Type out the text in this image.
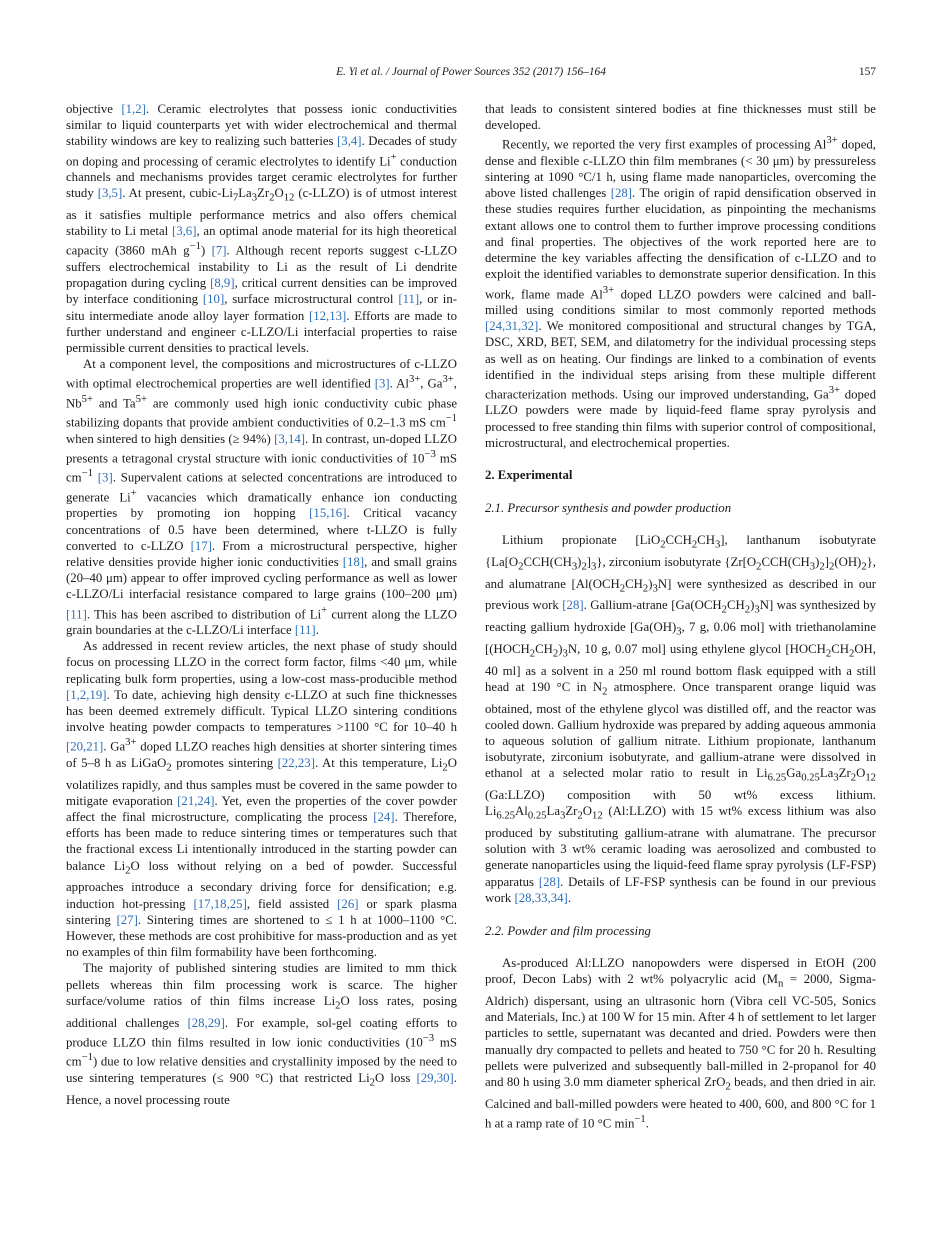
E. Yi et al. / Journal of Power Sources 352 (2017) 156–164	157

objective [1,2]. Ceramic electrolytes that possess ionic conductivities similar to liquid counterparts yet with wider electrochemical and thermal stability windows are key to realizing such batteries [3,4]. Decades of study on doping and processing of ceramic electrolytes to identify Li+ conduction channels and mechanisms provides target ceramic electrolytes for further study [3,5]. At present, cubic-$Li_7La_3Zr_2O_{12}$ (c-LLZO) is of utmost interest as it satisfies multiple performance metrics and also offers chemical stability to Li metal [3,6], an optimal anode material for its high theoretical capacity (3860 mAh $g^{-1}$) [7]. Although recent reports suggest c-LLZO suffers electrochemical instability to Li as the result of Li dendrite propagation during cycling [8,9], critical current densities can be improved by interface conditioning [10], surface microstructural control [11], or in-situ intermediate anode alloy layer formation [12,13]. Efforts are made to further understand and engineer c-LLZO/Li interfacial properties to raise permissible current densities to practical levels.

At a component level, the compositions and microstructures of c-LLZO with optimal electrochemical properties are well identified [3]. $Al^{3+}$, $Ga^{3+}$, $Nb^{5+}$ and $Ta^{5+}$ are commonly used high ionic conductivity cubic phase stabilizing dopants that provide ambient conductivities of 0.2–1.3 mS $cm^{-1}$ when sintered to high densities (≥ 94%) [3,14]. In contrast, un-doped LLZO presents a tetragonal crystal structure with ionic conductivities of $10^{-3}$ mS $cm^{-1}$ [3]. Supervalent cations at selected concentrations are introduced to generate Li+ vacancies which dramatically enhance ion conducting properties by promoting ion hopping [15,16]. Critical vacancy concentrations of 0.5 have been determined, where t-LLZO is fully converted to c-LLZO [17]. From a microstructural perspective, higher relative densities provide higher ionic conductivities [18], and small grains (20–40 μm) appear to offer improved cycling performance as well as lower c-LLZO/Li interfacial resistance compared to large grains (100–200 μm) [11]. This has been ascribed to distribution of Li+ current along the LLZO grain boundaries at the c-LLZO/Li interface [11].

As addressed in recent review articles, the next phase of study should focus on processing LLZO in the correct form factor, films <40 μm, while replicating bulk form properties, using a low-cost mass-producible method [1,2,19]. To date, achieving high density c-LLZO at such fine thicknesses has been deemed extremely difficult. Typical LLZO sintering conditions involve heating powder compacts to temperatures >1100 °C for 10–40 h [20,21]. $Ga^{3+}$ doped LLZO reaches high densities at shorter sintering times of 5–8 h as LiGaO$_2$ promotes sintering [22,23]. At this temperature, $Li_2O$ volatilizes rapidly, and thus samples must be covered in the same powder to mitigate evaporation [21,24]. Yet, even the properties of the cover powder affect the final microstructure, complicating the process [24]. Therefore, efforts has been made to reduce sintering times or temperatures such that the fractional excess Li intentionally introduced in the starting powder can balance $Li_2O$ loss without relying on a bed of powder. Successful approaches introduce a secondary driving force for densification; e.g. induction hot-pressing [17,18,25], field assisted [26] or spark plasma sintering [27]. Sintering times are shortened to ≤ 1 h at 1000–1100 °C. However, these methods are cost prohibitive for mass-production and as yet no examples of thin film formability have been forthcoming.

The majority of published sintering studies are limited to mm thick pellets whereas thin film processing work is scarce. The higher surface/volume ratios of thin films increase $Li_2O$ loss rates, posing additional challenges [28,29]. For example, sol-gel coating efforts to produce LLZO thin films resulted in low ionic conductivities ($10^{-3}$ mS $cm^{-1}$) due to low relative densities and crystallinity imposed by the need to use sintering temperatures (≤ 900 °C) that restricted $Li_2O$ loss [29,30]. Hence, a novel processing route

that leads to consistent sintered bodies at fine thicknesses must still be developed.

Recently, we reported the very first examples of processing $Al^{3+}$ doped, dense and flexible c-LLZO thin film membranes (< 30 μm) by pressureless sintering at 1090 °C/1 h, using flame made nanoparticles, overcoming the above listed challenges [28]. The origin of rapid densification observed in these studies requires further elucidation, as pinpointing the mechanisms extant allows one to control them to further improve processing conditions and final properties. The objectives of the work reported here are to determine the key variables affecting the densification of c-LLZO and to exploit the identified variables to demonstrate superior densification. In this work, flame made $Al^{3+}$ doped LLZO powders were calcined and ball-milled using conditions similar to most commonly reported methods [24,31,32]. We monitored compositional and structural changes by TGA, DSC, XRD, BET, SEM, and dilatometry for the individual processing steps as well as on heating. Our findings are linked to a combination of events identified in the individual steps arising from these multiple different characterization methods. Using our improved understanding, $Ga^{3+}$ doped LLZO powders were made by liquid-feed flame spray pyrolysis and processed to free standing thin films with superior control of compositional, microstructural, and electrochemical properties.

2. Experimental
2.1. Precursor synthesis and powder production

Lithium propionate $[LiO_2CCH_2CH_3]$, lanthanum isobutyrate $\{La[O_2CCH(CH_3)_2]_3\}$, zirconium isobutyrate $\{Zr[O_2CCH(CH_3)_2]_2(OH)_2\}$, and alumatrane $[Al(OCH_2CH_2)_3N]$ were synthesized as described in our previous work [28]. Gallium-atrane $[Ga(OCH_2CH_2)_3N]$ was synthesized by reacting gallium hydroxide [$Ga(OH)_3$, 7 g, 0.06 mol] with triethanolamine [$(HOCH_2CH_2)_3N$, 10 g, 0.07 mol] using ethylene glycol [$HOCH_2CH_2OH$, 40 ml] as a solvent in a 250 ml round bottom flask equipped with a still head at 190 °C in $N_2$ atmosphere. Once transparent orange liquid was obtained, most of the ethylene glycol was distilled off, and the reactor was cooled down. Gallium hydroxide was prepared by adding aqueous ammonia to aqueous solution of gallium nitrate. Lithium propionate, lanthanum isobutyrate, zirconium isobutyrate, and gallium-atrane were dissolved in ethanol at a selected molar ratio to result in $Li_{6.25}Ga_{0.25}La_3Zr_2O_{12}$ (Ga:LLZO) composition with 50 wt% excess lithium. $Li_{6.25}Al_{0.25}La_3Zr_2O_{12}$ (Al:LLZO) with 15 wt% excess lithium was also produced by substituting gallium-atrane with alumatrane. The precursor solution with 3 wt% ceramic loading was aerosolized and combusted to generate nanoparticles using the liquid-feed flame spray pyrolysis (LF-FSP) apparatus [28]. Details of LF-FSP synthesis can be found in our previous work [28,33,34].

2.2. Powder and film processing

As-produced Al:LLZO nanopowders were dispersed in EtOH (200 proof, Decon Labs) with 2 wt% polyacrylic acid ($M_n = 2000$, Sigma-Aldrich) dispersant, using an ultrasonic horn (Vibra cell VC-505, Sonics and Materials, Inc.) at 100 W for 15 min. After 4 h of settlement to let larger particles to settle, supernatant was decanted and dried. Powders were then manually dry compacted to pellets and heated to 750 °C for 20 h. Resulting pellets were pulverized and subsequently ball-milled in 2-propanol for 40 and 80 h using 3.0 mm diameter spherical ZrO$_2$ beads, and then dried in air. Calcined and ball-milled powders were heated to 400, 600, and 800 °C for 1 h at a ramp rate of 10 °C $\min^{-1}$.
